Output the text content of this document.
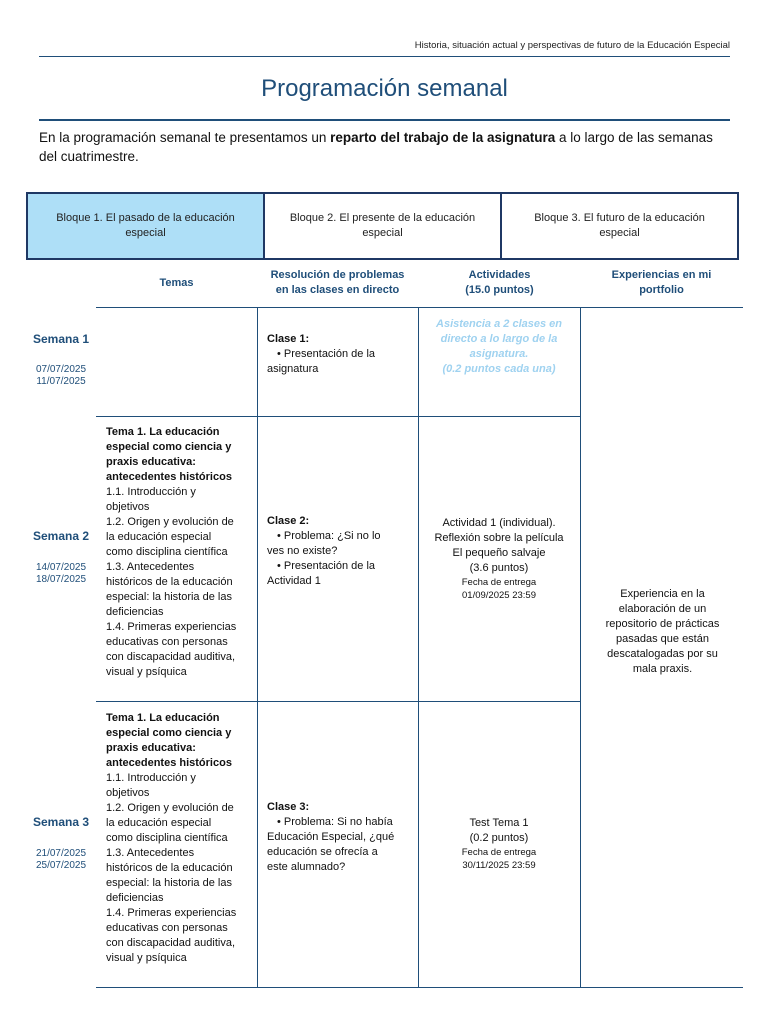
Historia, situación actual y perspectivas de futuro de la Educación Especial
Programación semanal
En la programación semanal te presentamos un reparto del trabajo de la asignatura a lo largo de las semanas del cuatrimestre.
Bloque 1. El pasado de la educación especial
Bloque 2. El presente de la educación especial
Bloque 3. El futuro de la educación especial
Temas
Resolución de problemas
en las clases en directo
Actividades
(15.0 puntos)
Experiencias en mi
portfolio
Semana 1
07/07/2025
11/07/2025
Clase 1:
• Presentación de la
asignatura
Asistencia a 2 clases en
directo a lo largo de la
asignatura.
(0.2 puntos cada una)
Semana 2
14/07/2025
18/07/2025
Tema 1. La educación
especial como ciencia y
praxis educativa:
antecedentes históricos
1.1. Introducción y
objetivos
1.2. Origen y evolución de
la educación especial
como disciplina científica
1.3. Antecedentes
históricos de la educación
especial: la historia de las
deficiencias
1.4. Primeras experiencias
educativas con personas
con discapacidad auditiva,
visual y psíquica
Clase 2:
• Problema: ¿Si no lo
ves no existe?
• Presentación de la
Actividad 1
Actividad 1 (individual).
Reflexión sobre la película
El pequeño salvaje
(3.6 puntos)
Fecha de entrega
01/09/2025 23:59
Semana 3
21/07/2025
25/07/2025
Tema 1. La educación
especial como ciencia y
praxis educativa:
antecedentes históricos
1.1. Introducción y
objetivos
1.2. Origen y evolución de
la educación especial
como disciplina científica
1.3. Antecedentes
históricos de la educación
especial: la historia de las
deficiencias
1.4. Primeras experiencias
educativas con personas
con discapacidad auditiva,
visual y psíquica
Clase 3:
• Problema: Si no había
Educación Especial, ¿qué
educación se ofrecía a
este alumnado?
Test Tema 1
(0.2 puntos)
Fecha de entrega
30/11/2025 23:59
Experiencia en la
elaboración de un
repositorio de prácticas
pasadas que están
descatalogadas por su
mala praxis.
